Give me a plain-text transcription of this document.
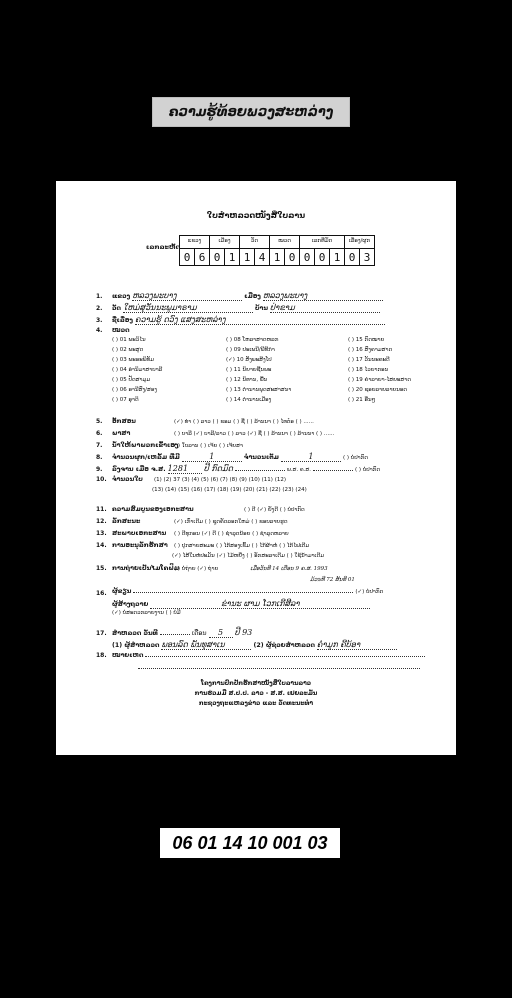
ຄວາມຮູ້ທ້ອຍພວງສະຫລ່າງ
ໃບສຳຫລວດໜັງສືໃບລານ
ເລກລະຫັດ
ແຂວງ		ເມືອງ		ວັດ		ໝວດ		ເລກທີ່ມັດ			ເລື່ອງ/ຜູກ	
0	6	0	1	1	4	1	0	0	0	1	0	3
1. ແຂວງ ຫລວງພະບາງ	ເມືອງ ຫລວງພະບາງ
2. ວັດ ໃຫມ່ສຸວັນນະພູມາຣາມ	ບ້ານ ປ່າຂາມ
3. ຊື່ເລື່ອງ ຄວາມຮູ້ ດວົງ ແສງສະຫລ່າງ
4. ໝວດ
( ) 01 ພະວິໄນ
( ) 02 ພະສູດ
( ) 03 ພະອະພິທັມ
( ) 04 ອຳນິມາສາບາລີ
( ) 05 ປັດສາມຸມ
( ) 06 ອານີສົງ/ສອງ
( ) 07 ອຸາດິ
( ) 08 ໂຫລາສາດຫລກ
( ) 09 ປະເພນີ/ພີທີກໍາ
(✓) 10 ສັງພະສີງໂປ
( ) 11 ນິຍາຍຊີ້ນພະ
( ) 12 ນິທານ, ພື້ນ
( ) 13 ຕຳນານພຸດສະສາສນາ
( ) 14 ຕຳນານເມືອງ
( ) 15 ກົດໝາຍ
( ) 16 ສົງຄາມສາດ
( ) 17 ວັນນະຄະດີ
( ) 18 ໄວຍາກອນ
( ) 19 ຄຳລາຍາ-ໄສຍະສາດ
( ) 20 ຊອຍລາຍລາຍນອດ
( ) 21 ອື່ນໆ
5. ອັກສອນ	(✓) ທໍາ ( ) ລາວ ( ) ຂອມ ( ) ຊື່ ( ) ລ້ານນາ ( ) ໄທຕ໋ອ ( ) ......
6. ພາສາ	( ) ບາລີ (✓) ບາລີ/ລາວ ( ) ລາວ (✓) ຊື່ ( ) ລ້ານນາ ( ) ລ້ານນາ ( ) ......
7. ນ້ຳໃຫ້ພາພວກເຂົ້າເອງ ( ) ໃບລານ ( ) ເຈ້ຍ ( ) ເຈ້ຍສາ
8. ຈຳນວນຜູກ/ເຫລັ້ມ ທີ່ມີ	1	ຈຳນວນເຕັມ	1	( ) ບໍ່ປາກົດ
9. ລົງຈານ ເມື່ອ ຈ.ສ. 1281 ປີ ກົດມົດ	ພ.ສ. ຄ.ສ.	( ) ບໍ່ປາກົດ
10. ຈຳນວນໃບ (1) (2) 37 (3) (4) (5) (6) (7) (8) (9) (10) (11) (12)
(13) (14) (15) (16) (17) (18) (19) (20) (21) (22) (23) (24)
11. ຄວາມສົມບູນຂອງເອກະສານ	( ) ດີ (✓) ຍັງດີ ( ) ບໍ່ປາກົດ
12. ລັກສະນະ	(✓) ເກົ່າເດີມ ( ) ຊຸດຄັດລອກໃຫມ່ ( ) ຂອບລາຍຮູດ
13. ສະພາບເອກະສານ ( ) ດີທຸກອນ (✓) ດີ ( ) ຊຳລຸດນ້ອຍ ( ) ຊຳລຸດຫລາຍ
14. ການອະນຸລັກຮັກສາ ( ) ປຸກສາຍສະມະ ( ) ໄກ້ສອງເຂົ້ມ ( ) ໄກ້ຜ້າຫໍ່ ( ) ໄກ້ໄຟເຕີມ
(✓) ໄສ້ໃນຫໍປະມັນ (✓) ໄມ້ຫຍື່ງ ( ) ອັກສະລາເດີມ ( ) ໃຊ້ນ້ຳມາເດີມ
15. ການຖ່າຍເປັນໄມໂຄຟິມ ( ) ບໍ່ຖ່າຍ (✓) ຖ່າຍ	ເມື່ອວັນທີ 14 ເດືອນ 9 ຄ.ສ. 1993
ມ້ວນທີ 72 ສັນທີ 01
16. ຜູ້ຂຽນ	(✓) ບໍ່ປາກົດ
ຜູ້ສ້າງຖວາຍ	ຂ່ານະ ຜາມ ໂວກເກີສີລາ
(✓) ບໍ່ສະດວກລາຍງານ ( ) ບໍ່ມີ
17. ສຳຫລວດ ວັນທີ	ເດືອນ 5 ປີ 93
(1) ຜູ້ສຳຫລວດ ພອນລົດ ພັນທຸສາເນ	(2) ຜູ້ຊ່ວຍສຳຫລວດ ຄຳມູກ ຄີບ້ອາ
18. ໝາຍເຫດ
ໂຄງການປົກປັກຮັກສາໜັງສືໃບລານລາວ
ການຮ່ວມມື ສ.ປ.ປ. ລາວ - ສ.ສ. ເຢຍລະມັນ
ກະຊວງຖະແຫລງຂ່າວ ແລະ ວັດທະນະທຳ
06 01 14 10 001 03
